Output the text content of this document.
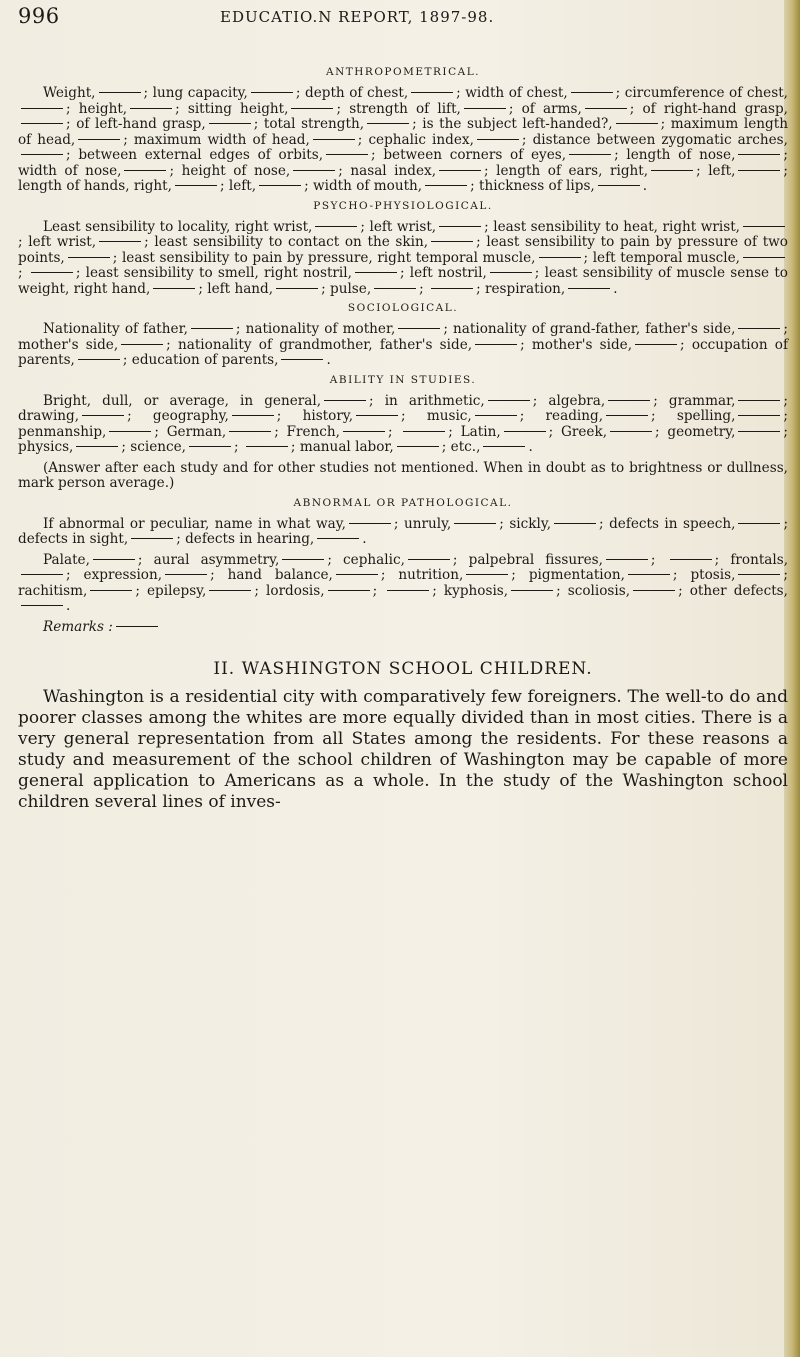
996	EDUCATIO.N REPORT, 1897-98.
ANTHROPOMETRICAL.

Weight,	; lung capacity,	; depth of chest,	; width of chest,	; circumference of chest,; height,	; sitting height,	; strength of lift,	; of arms,	; of right-hand grasp,; of left-hand grasp,	; total strength,	; is the subject left-handed?,	; maximum length of head,	; maximum width of head,	; cephalic index,	; distance between zygomatic arches,; between external edges of orbits,	; between corners of eyes,	; length of nose,	; width of nose,	; height of nose,	; nasal index,	; length of ears, right,	; left,	; length of hands, right,	; left,	; width of mouth,	; thickness of lips,	.

PSYCHO-PHYSIOLOGICAL.

Least sensibility to locality, right wrist,	; left wrist,	; least sensibility to heat, right wrist,; left wrist,	; least sensibility to contact on the skin,	; least sensibility to pain by pressure of two points,	; least sensibility to pain by pressure, right temporal muscle,	; left temporal muscle,;	; least sensibility to smell, right nostril,	; left nostril,	; least sensibility of muscle sense to weight, right hand,	; left hand,	; pulse,	;	; respiration,	.

SOCIOLOGICAL.

Nationality of father,	; nationality of mother,	; nationality of grand-father, father's side,	; mother's side,	; nationality of grandmother, father's side,	; mother's side,	; occupation of parents,	; education of parents,	.

ABILITY IN STUDIES.

Bright, dull, or average, in general,	; in arithmetic,	; algebra,	; grammar,	; drawing,	; geography,	; history,	; music,	; reading,	; spelling,	; penmanship,	; German,	; French,	;	; Latin,	; Greek,	; geometry,	; physics,	; science,	;	; manual labor,	; etc.,	.

(Answer after each study and for other studies not mentioned. When in doubt as to brightness or dullness, mark person average.)

ABNORMAL OR PATHOLOGICAL.

If abnormal or peculiar, name in what way,	; unruly,	; sickly,	; defects in speech,	; defects in sight,	; defects in hearing,	.

Palate,	; aural asymmetry,	; cephalic,	; palpebral fissures,	;	; frontals,; expression,	; hand balance,	; nutrition,	; pigmentation,	; ptosis,	; rachitism,	; epilepsy,	; lordosis,	;	; kyphosis,	; scoliosis,	; other defects,.

Remarks :

II. WASHINGTON SCHOOL CHILDREN.

Washington is a residential city with comparatively few foreigners. The well-to do and poorer classes among the whites are more equally divided than in most cities. There is a very general representation from all States among the residents. For these reasons a study and measurement of the school children of Washington may be capable of more general application to Americans as a whole. In the study of the Washington school children several lines of inves-
